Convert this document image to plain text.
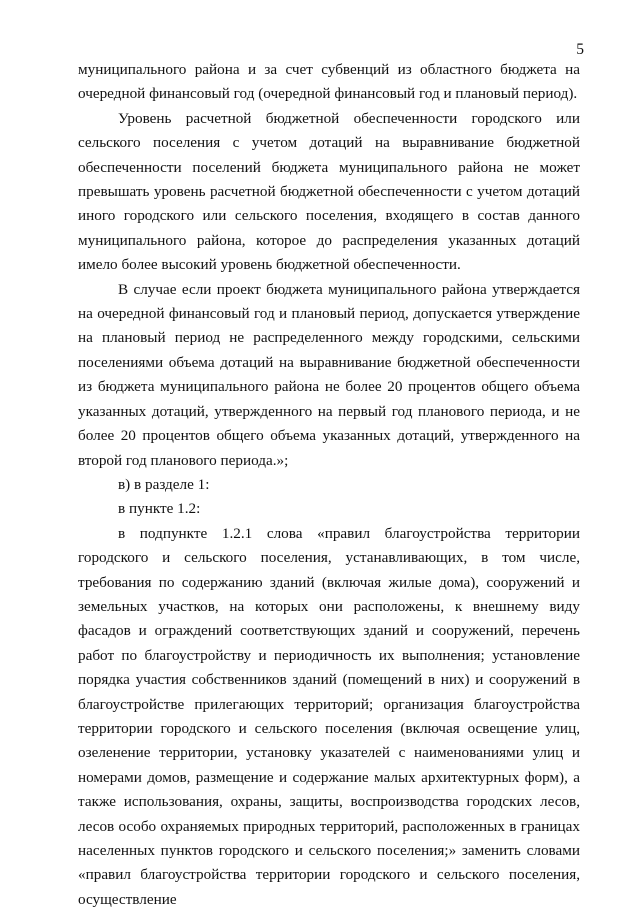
5

муниципального района и за счет субвенций из областного бюджета на очередной финансовый год (очередной финансовый год и плановый период).

Уровень расчетной бюджетной обеспеченности городского или сельского поселения с учетом дотаций на выравнивание бюджетной обеспеченности поселений бюджета муниципального района не может превышать уровень расчетной бюджетной обеспеченности с учетом дотаций иного городского или сельского поселения, входящего в состав данного муниципального района, которое до распределения указанных дотаций имело более высокий уровень бюджетной обеспеченности.

В случае если проект бюджета муниципального района утверждается на очередной финансовый год и плановый период, допускается утверждение на плановый период не распределенного между городскими, сельскими поселениями объема дотаций на выравнивание бюджетной обеспеченности из бюджета муниципального района не более 20 процентов общего объема указанных дотаций, утвержденного на первый год планового периода, и не более 20 процентов общего объема указанных дотаций, утвержденного на второй год планового периода.»;

в) в разделе 1:

в пункте 1.2:

в подпункте 1.2.1 слова «правил благоустройства территории городского и сельского поселения, устанавливающих, в том числе, требования по содержанию зданий (включая жилые дома), сооружений и земельных участков, на которых они расположены, к внешнему виду фасадов и ограждений соответствующих зданий и сооружений, перечень работ по благоустройству и периодичность их выполнения; установление порядка участия собственников зданий (помещений в них) и сооружений в благоустройстве прилегающих территорий; организация благоустройства территории городского и сельского поселения (включая освещение улиц, озеленение территории, установку указателей с наименованиями улиц и номерами домов, размещение и содержание малых архитектурных форм), а также использования, охраны, защиты, воспроизводства городских лесов, лесов особо охраняемых природных территорий, расположенных в границах населенных пунктов городского и сельского поселения;» заменить словами «правил благоустройства территории городского и сельского поселения, осуществление
